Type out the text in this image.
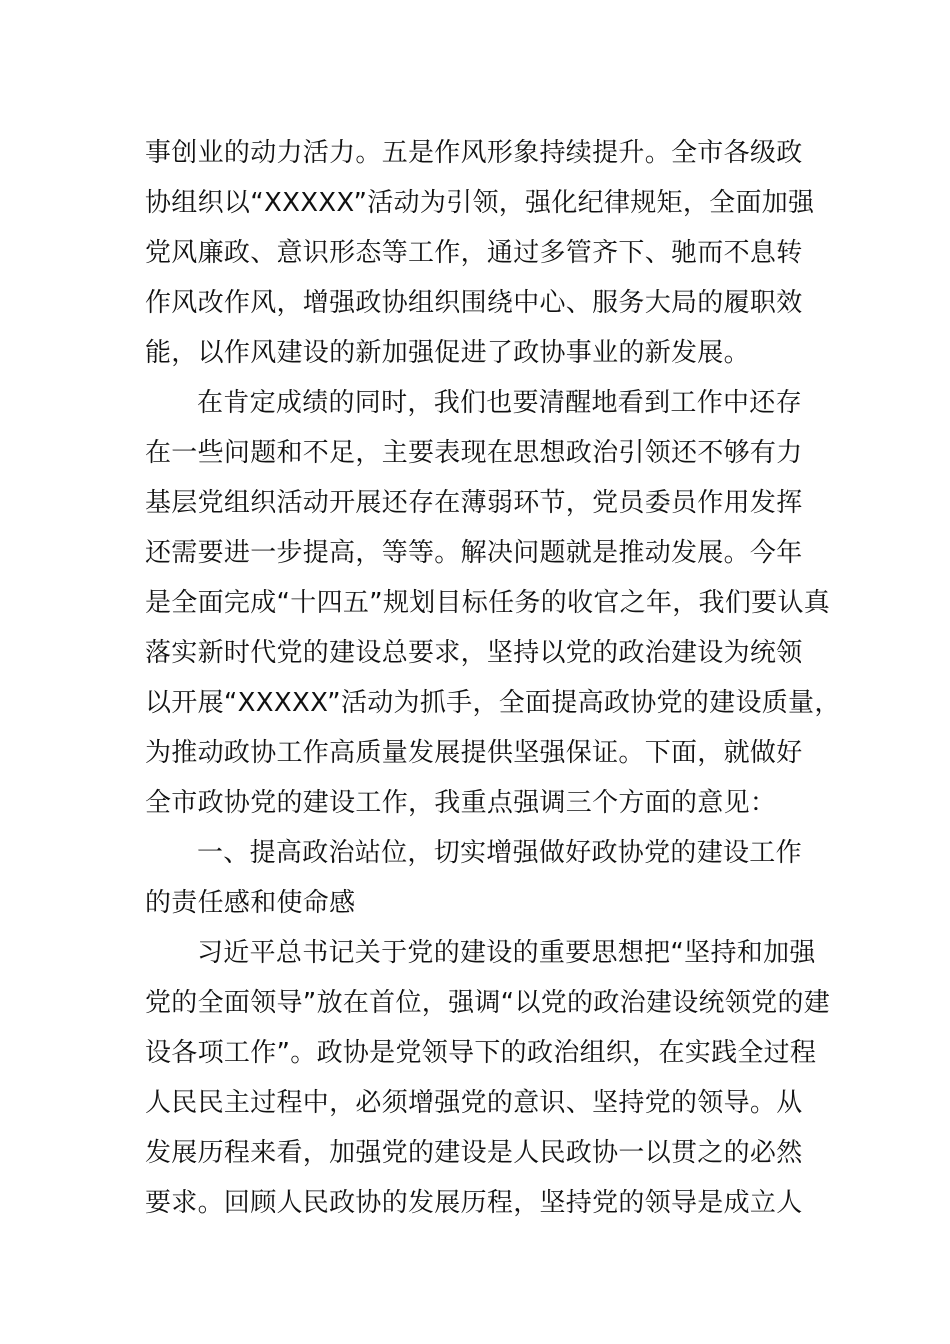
事创业的动力活力。五是作风形象持续提升。全市各级政
协组织以“XXXXX”活动为引领，强化纪律规矩，全面加强
党风廉政、意识形态等工作，通过多管齐下、驰而不息转
作风改作风，增强政协组织围绕中心、服务大局的履职效
能，以作风建设的新加强促进了政协事业的新发展。
在肯定成绩的同时，我们也要清醒地看到工作中还存
在一些问题和不足，主要表现在思想政治引领还不够有力
基层党组织活动开展还存在薄弱环节，党员委员作用发挥
还需要进一步提高，等等。解决问题就是推动发展。今年
是全面完成“十四五”规划目标任务的收官之年，我们要认真
落实新时代党的建设总要求，坚持以党的政治建设为统领
以开展“XXXXX”活动为抓手，全面提高政协党的建设质量，
为推动政协工作高质量发展提供坚强保证。下面，就做好
全市政协党的建设工作，我重点强调三个方面的意见：
一、提高政治站位，切实增强做好政协党的建设工作
的责任感和使命感
习近平总书记关于党的建设的重要思想把“坚持和加强
党的全面领导”放在首位，强调“以党的政治建设统领党的建
设各项工作”。政协是党领导下的政治组织，在实践全过程
人民民主过程中，必须增强党的意识、坚持党的领导。从
发展历程来看，加强党的建设是人民政协一以贯之的必然
要求。回顾人民政协的发展历程，坚持党的领导是成立人
